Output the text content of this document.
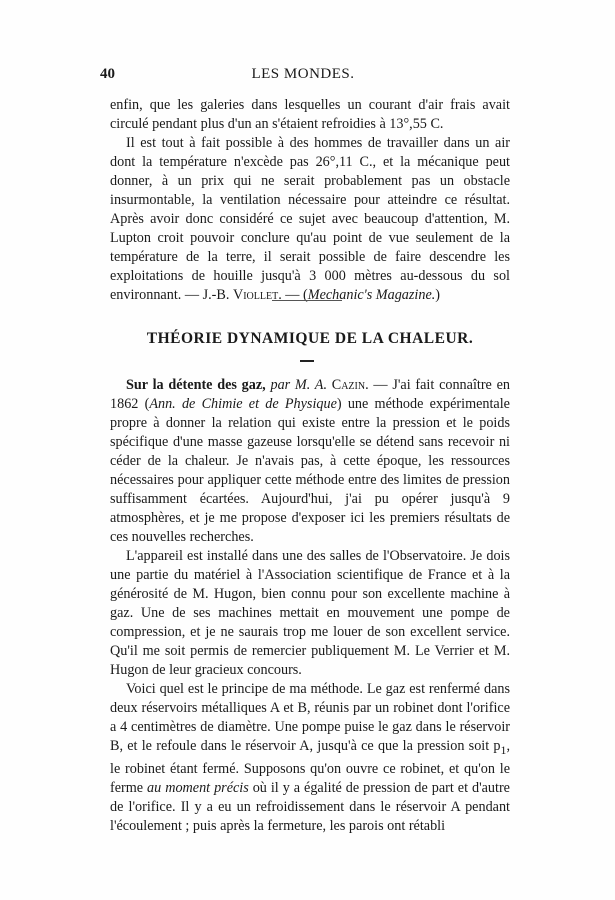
40	LES MONDES.

enfin, que les galeries dans lesquelles un courant d'air frais avait circulé pendant plus d'un an s'étaient refroidies à 13°,55 C.

Il est tout à fait possible à des hommes de travailler dans un air dont la température n'excède pas 26°,11 C., et la mécanique peut donner, à un prix qui ne serait probablement pas un obstacle insurmontable, la ventilation nécessaire pour atteindre ce résultat. Après avoir donc considéré ce sujet avec beaucoup d'attention, M. Lupton croit pouvoir conclure qu'au point de vue seulement de la température de la terre, il serait possible de faire descendre les exploitations de houille jusqu'à 3 000 mètres au-dessous du sol environnant. — J.-B. Viollet. — (Mechanic's Magazine.)

THÉORIE DYNAMIQUE DE LA CHALEUR.

Sur la détente des gaz, par M. A. Cazin. — J'ai fait connaître en 1862 (Ann. de Chimie et de Physique) une méthode expérimentale propre à donner la relation qui existe entre la pression et le poids spécifique d'une masse gazeuse lorsqu'elle se détend sans recevoir ni céder de la chaleur. Je n'avais pas, à cette époque, les ressources nécessaires pour appliquer cette méthode entre des limites de pression suffisamment écartées. Aujourd'hui, j'ai pu opérer jusqu'à 9 atmosphères, et je me propose d'exposer ici les premiers résultats de ces nouvelles recherches.

L'appareil est installé dans une des salles de l'Observatoire. Je dois une partie du matériel à l'Association scientifique de France et à la générosité de M. Hugon, bien connu pour son excellente machine à gaz. Une de ses machines mettait en mouvement une pompe de compression, et je ne saurais trop me louer de son excellent service. Qu'il me soit permis de remercier publiquement M. Le Verrier et M. Hugon de leur gracieux concours.

Voici quel est le principe de ma méthode. Le gaz est renfermé dans deux réservoirs métalliques A et B, réunis par un robinet dont l'orifice a 4 centimètres de diamètre. Une pompe puise le gaz dans le réservoir B, et le refoule dans le réservoir A, jusqu'à ce que la pression soit $p_1$, le robinet étant fermé. Supposons qu'on ouvre ce robinet, et qu'on le ferme au moment précis où il y a égalité de pression de part et d'autre de l'orifice. Il y a eu un refroidissement dans le réservoir A pendant l'écoulement ; puis après la fermeture, les parois ont rétabli
